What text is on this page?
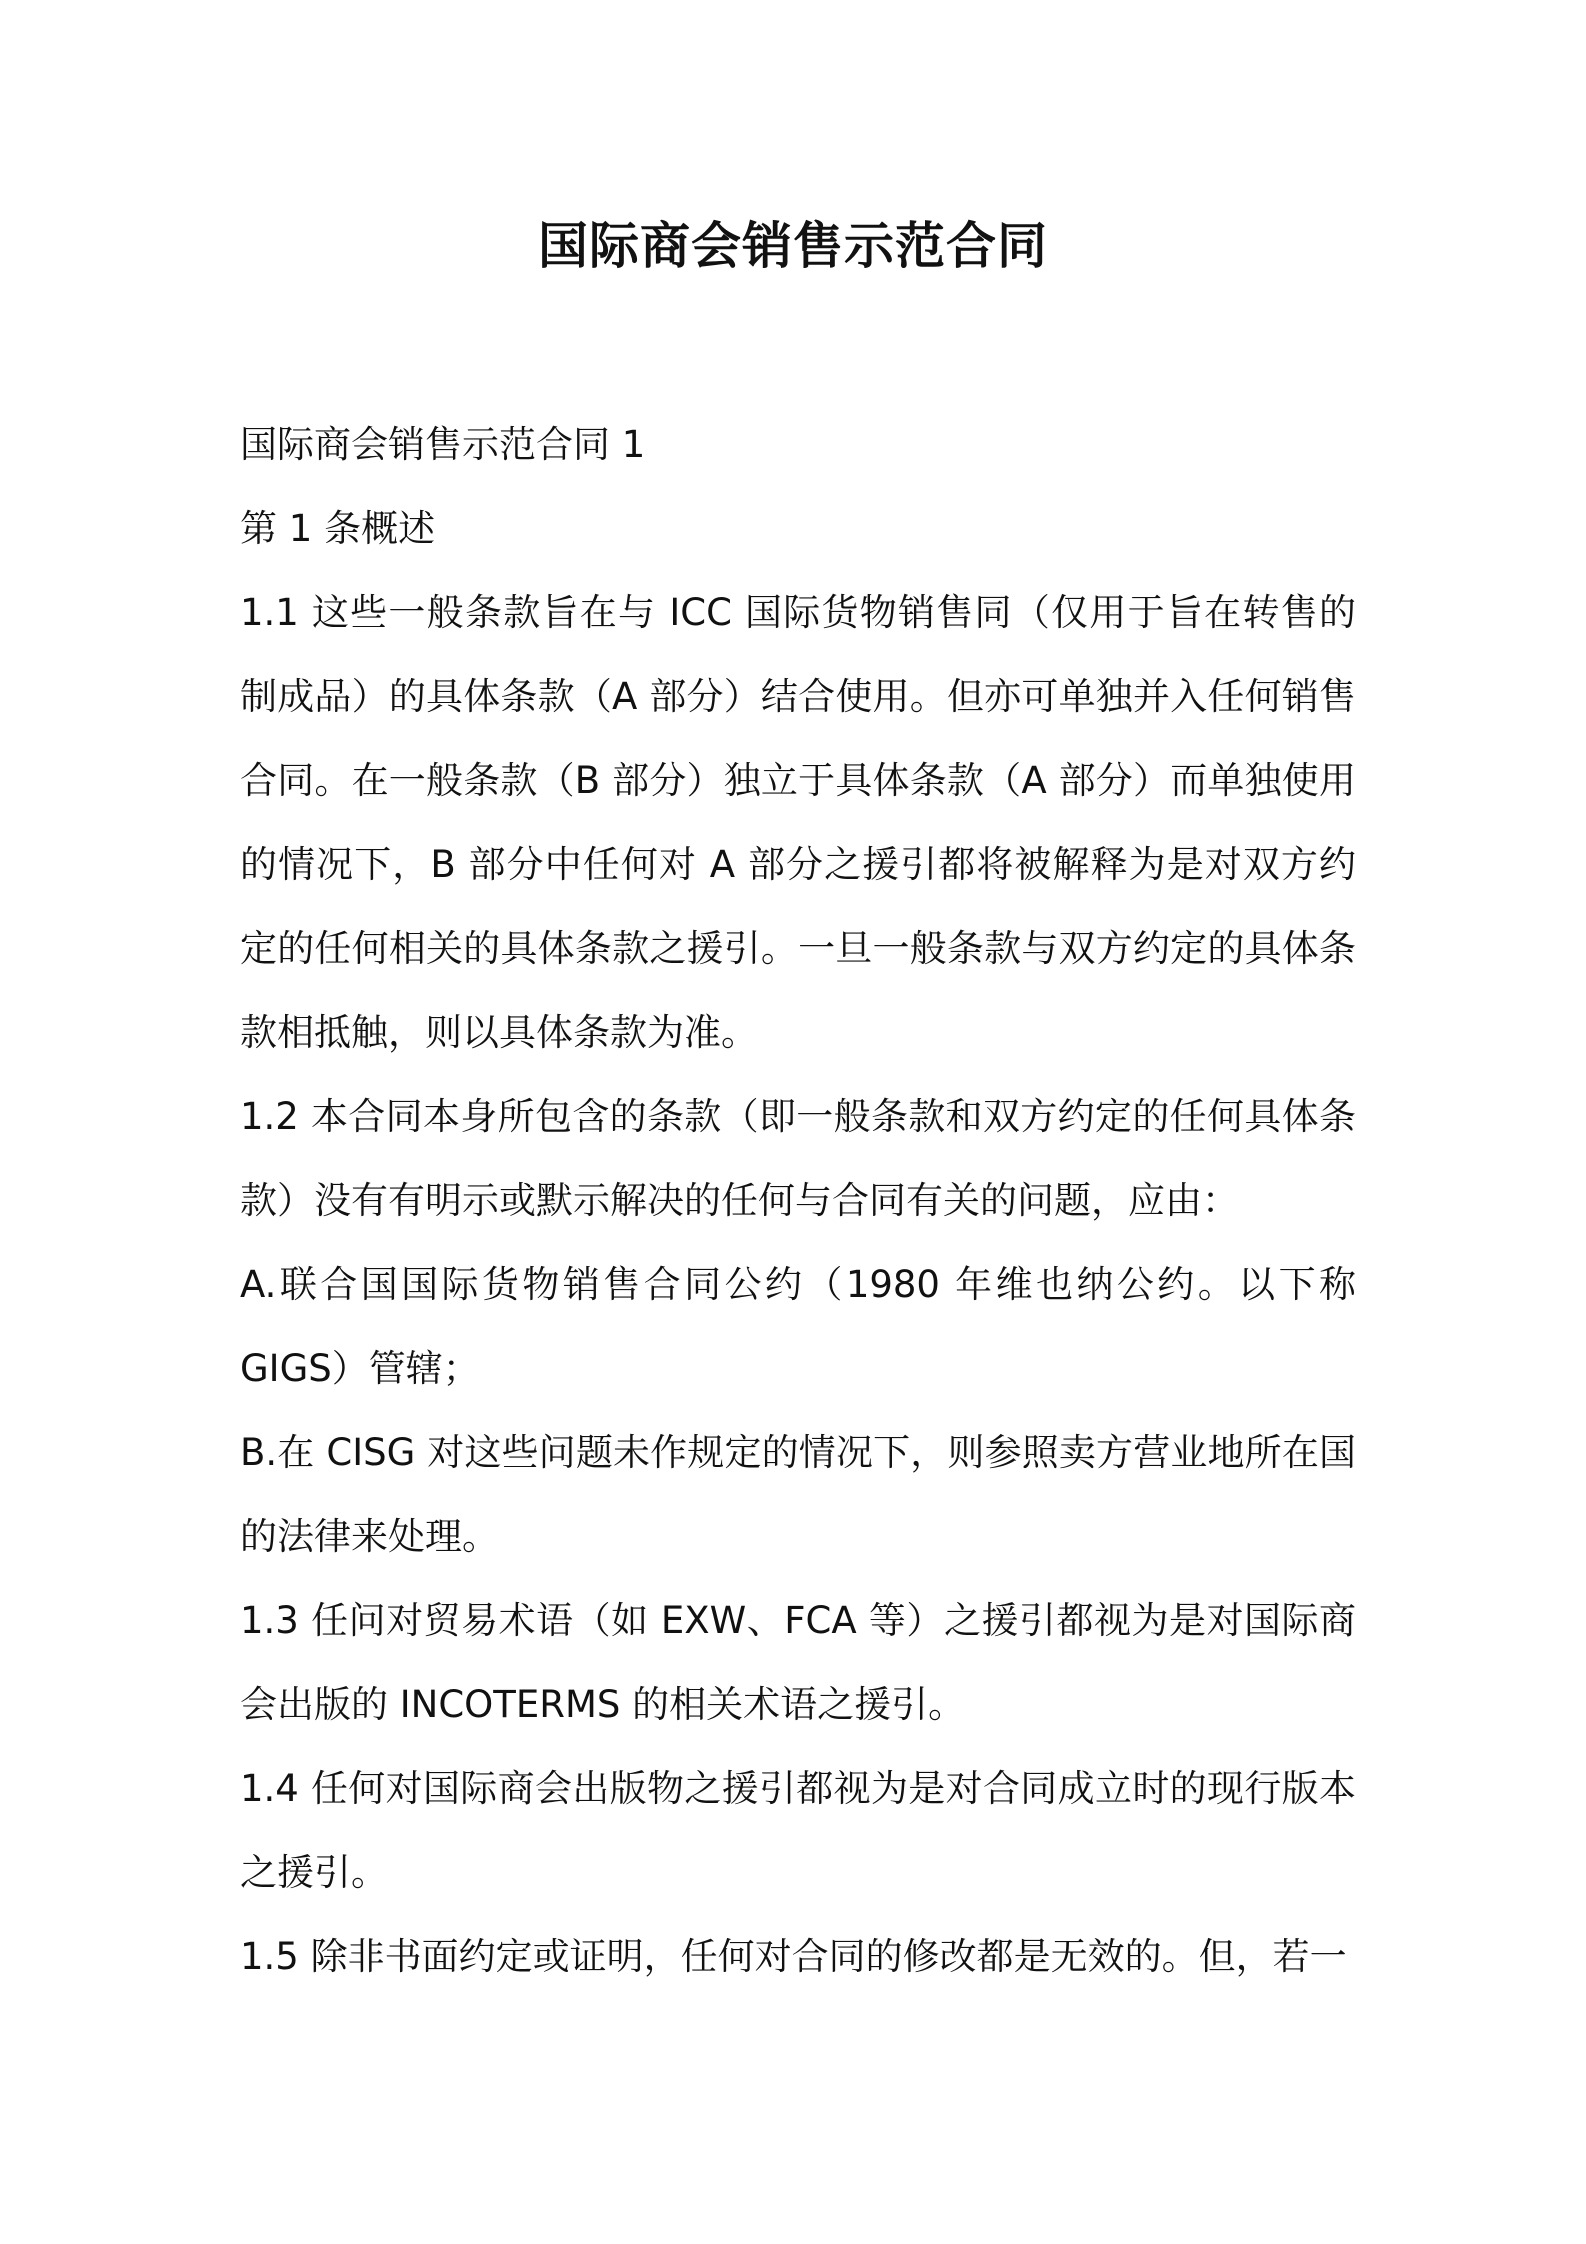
国际商会销售示范合同

国际商会销售示范合同 1

第 1 条概述

1.1 这些一般条款旨在与 ICC 国际货物销售同（仅用于旨在转售的制成品）的具体条款（A 部分）结合使用。但亦可单独并入任何销售合同。在一般条款（B 部分）独立于具体条款（A 部分）而单独使用的情况下，B 部分中任何对 A 部分之援引都将被解释为是对双方约定的任何相关的具体条款之援引。一旦一般条款与双方约定的具体条款相抵触，则以具体条款为准。

1.2 本合同本身所包含的条款（即一般条款和双方约定的任何具体条款）没有有明示或默示解决的任何与合同有关的问题，应由：

A.联合国国际货物销售合同公约（1980 年维也纳公约。以下称 GIGS）管辖；

B.在 CISG 对这些问题未作规定的情况下，则参照卖方营业地所在国的法律来处理。

1.3 任问对贸易术语（如 EXW、FCA 等）之援引都视为是对国际商会出版的 INCOTERMS 的相关术语之援引。

1.4 任何对国际商会出版物之援引都视为是对合同成立时的现行版本之援引。

1.5 除非书面约定或证明，任何对合同的修改都是无效的。但，若一
